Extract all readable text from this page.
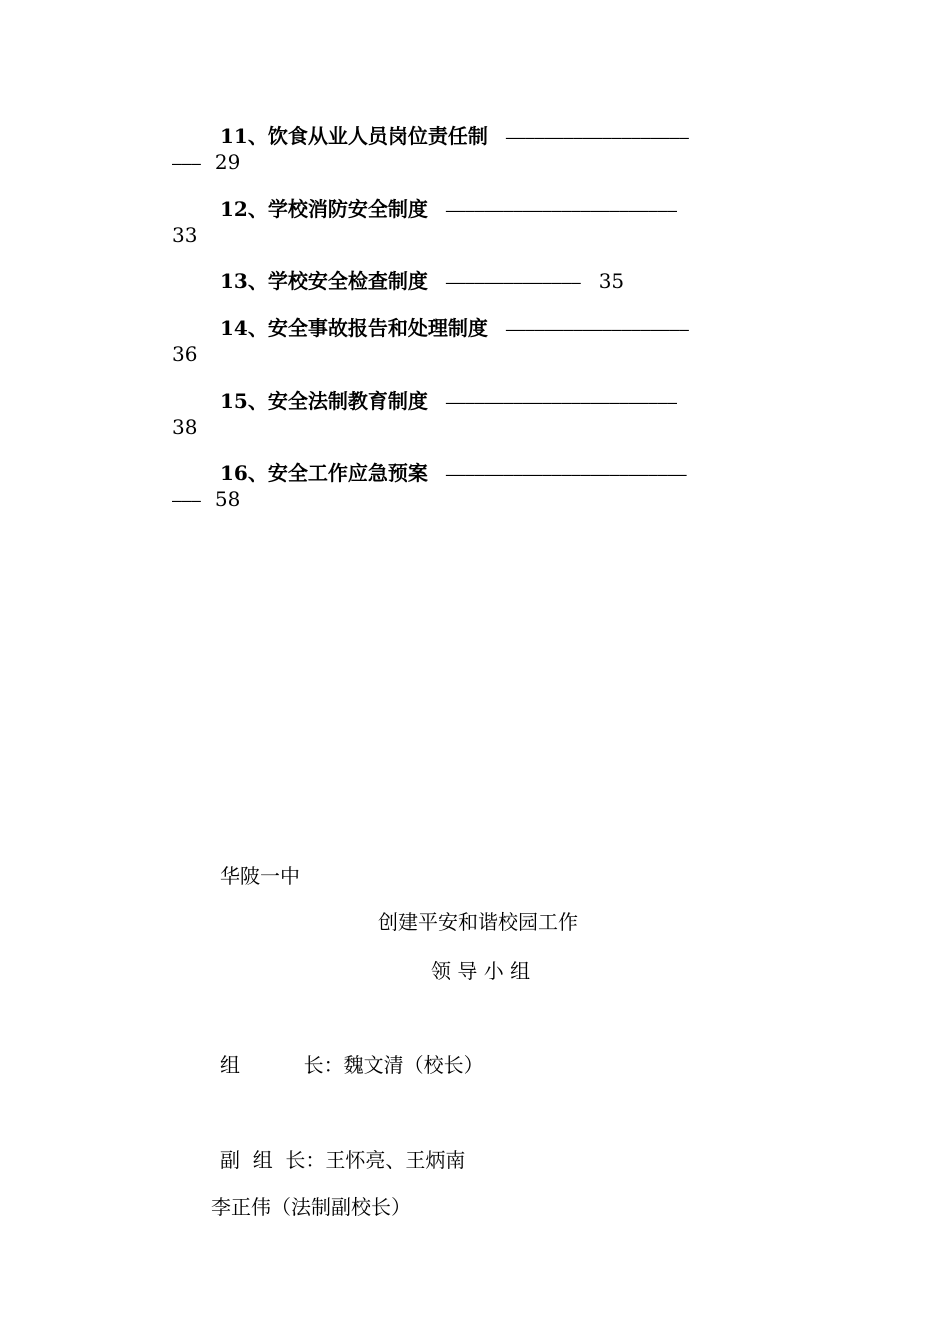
11、饮食从业人员岗位责任制 ———————————————————
——— 29
12、学校消防安全制度 ————————————————————————
33
13、学校安全检查制度 —————————————— 35
14、安全事故报告和处理制度 ———————————————————
36
15、安全法制教育制度 ————————————————————————
38
16、安全工作应急预案 —————————————————————————
——— 58
华陂一中
创建平安和谐校园工作
领 导 小 组
组          长：魏文清（校长）
副  组  长：王怀亮、王炳南
李正伟（法制副校长）
